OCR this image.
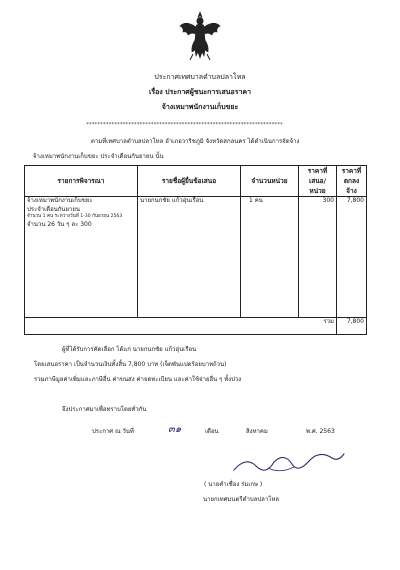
ประกาศเทศบาลตำบลปลาโหล
เรื่อง ประกาศผู้ชนะการเสนอราคา
จ้างเหมาพนักงานเก็บขยะ
**********************************************************************
ตามที่เทศบาลตำบลปลาโหล อำเภอวาริชภูมิ จังหวัดสกลนคร ได้ดำเนินการจัดจ้าง
จ้างเหมาพนักงานเก็บขยะ ประจำเดือนกันยายน นั้น
รายการพิจารณา	รายชื่อผู้ยื่นข้อเสนอ	จำนวนหน่วย	ราคาที่เสนอ/หน่วย	ราคาที่ตกลงจ้าง

จ้างเหมาพนักงานเก็บขยะ
ประจำเดือนกันยายน
จำนวน 1 คน ระหว่างวันที่ 1-30 กันยายน 2563
จำนวน 26 วัน ๆ ละ 300	นายกนกชัย แก้วอุ่นเรือน	1 คน	300	7,800
รวม				7,800
ผู้ที่ได้รับการคัดเลือก ได้แก่ นายกนกชัย แก้วอุ่นเรือน
โดยเสนอราคา เป็นจำนวนเงินทั้งสิ้น 7,800 บาท (เจ็ดพันแปดร้อยบาทถ้วน)
รวมภาษีมูลค่าเพิ่มและภาษีอื่น ค่าขนส่ง ค่าจดทะเบียน และค่าใช้จ่ายอื่น ๆ ทั้งปวง
จึงประกาศมาเพื่อทราบโดยทั่วกัน
ประกาศ ณ วันที่	๓๑	เดือน	สิงหาคม	พ.ศ. 2563
( นายคำเชื่อง ร่มเกษ )
นายกเทศมนตรีตำบลปลาโหล
